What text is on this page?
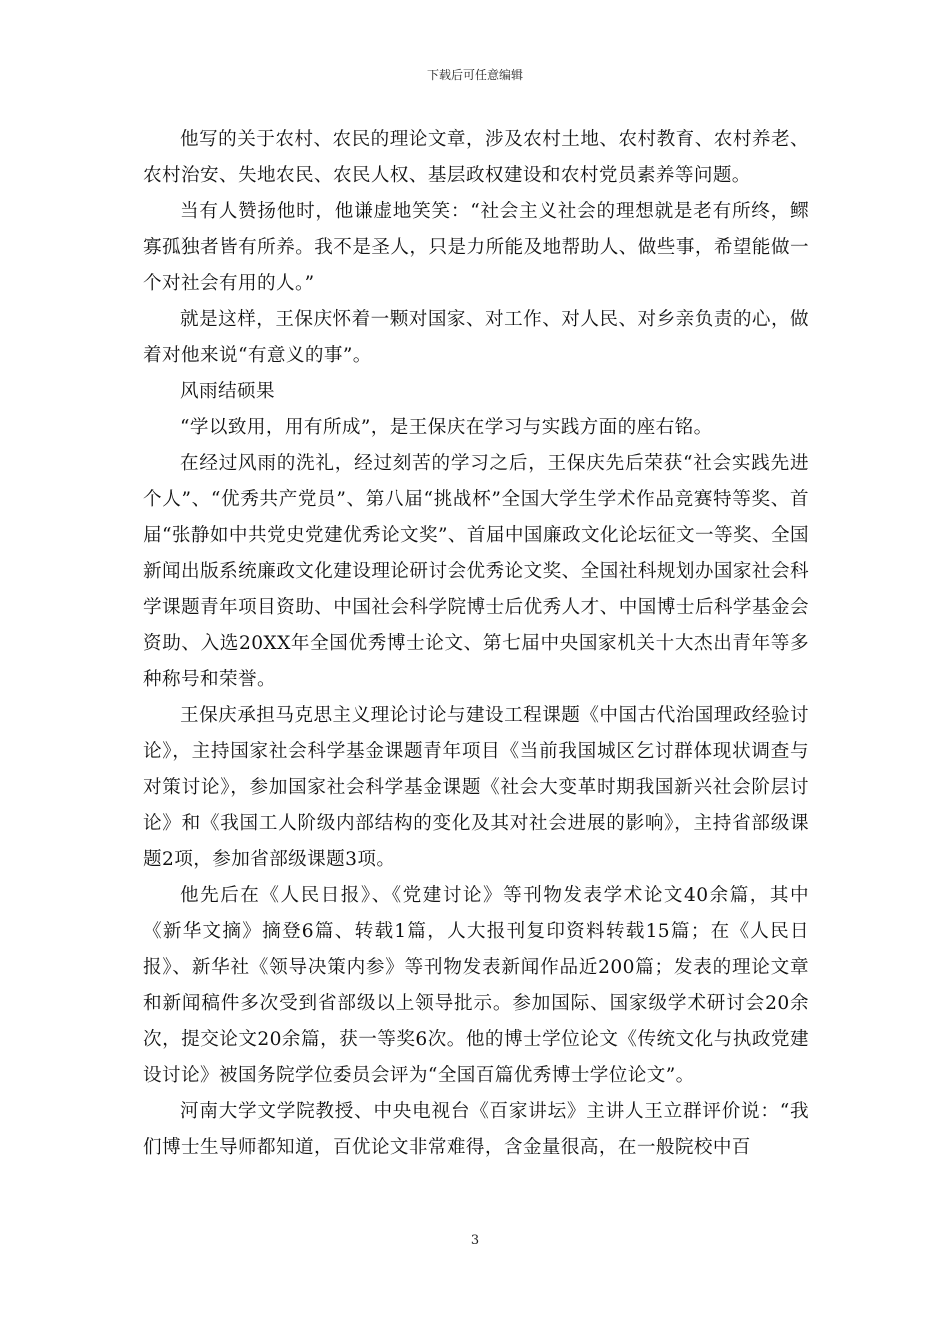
下载后可任意编辑

他写的关于农村、农民的理论文章，涉及农村土地、农村教育、农村养老、农村治安、失地农民、农民人权、基层政权建设和农村党员素养等问题。

当有人赞扬他时，他谦虚地笑笑：“社会主义社会的理想就是老有所终，鳏寡孤独者皆有所养。我不是圣人，只是力所能及地帮助人、做些事，希望能做一个对社会有用的人。”

就是这样，王保庆怀着一颗对国家、对工作、对人民、对乡亲负责的心，做着对他来说“有意义的事”。

风雨结硕果

“学以致用，用有所成”，是王保庆在学习与实践方面的座右铭。

在经过风雨的洗礼，经过刻苦的学习之后，王保庆先后荣获“社会实践先进个人”、“优秀共产党员”、第八届“挑战杯”全国大学生学术作品竞赛特等奖、首届“张静如中共党史党建优秀论文奖”、首届中国廉政文化论坛征文一等奖、全国新闻出版系统廉政文化建设理论研讨会优秀论文奖、全国社科规划办国家社会科学课题青年项目资助、中国社会科学院博士后优秀人才、中国博士后科学基金会资助、入选20XX年全国优秀博士论文、第七届中央国家机关十大杰出青年等多种称号和荣誉。

王保庆承担马克思主义理论讨论与建设工程课题《中国古代治国理政经验讨论》，主持国家社会科学基金课题青年项目《当前我国城区乞讨群体现状调查与对策讨论》，参加国家社会科学基金课题《社会大变革时期我国新兴社会阶层讨论》和《我国工人阶级内部结构的变化及其对社会进展的影响》，主持省部级课题2项，参加省部级课题3项。

他先后在《人民日报》、《党建讨论》等刊物发表学术论文40余篇，其中《新华文摘》摘登6篇、转载1篇，人大报刊复印资料转载15篇；在《人民日报》、新华社《领导决策内参》等刊物发表新闻作品近200篇；发表的理论文章和新闻稿件多次受到省部级以上领导批示。参加国际、国家级学术研讨会20余次，提交论文20余篇，获一等奖6次。他的博士学位论文《传统文化与执政党建设讨论》被国务院学位委员会评为“全国百篇优秀博士学位论文”。

河南大学文学院教授、中央电视台《百家讲坛》主讲人王立群评价说：“我们博士生导师都知道，百优论文非常难得，含金量很高，在一般院校中百

3
